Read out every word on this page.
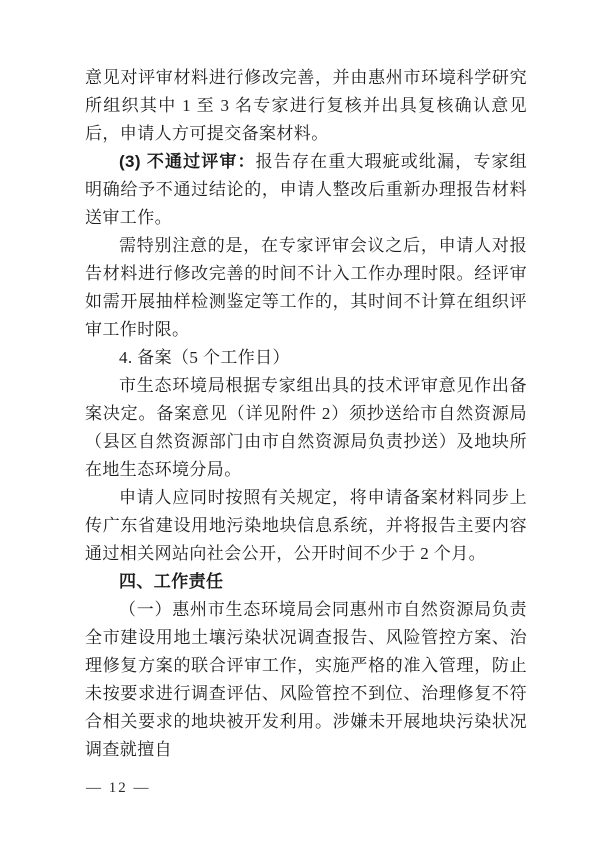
意见对评审材料进行修改完善，并由惠州市环境科学研究所组织其中 1 至 3 名专家进行复核并出具复核确认意见后，申请人方可提交备案材料。

(3) 不通过评审：报告存在重大瑕疵或纰漏，专家组明确给予不通过结论的，申请人整改后重新办理报告材料送审工作。

需特别注意的是，在专家评审会议之后，申请人对报告材料进行修改完善的时间不计入工作办理时限。经评审如需开展抽样检测鉴定等工作的，其时间不计算在组织评审工作时限。

4. 备案（5 个工作日）

市生态环境局根据专家组出具的技术评审意见作出备案决定。备案意见（详见附件 2）须抄送给市自然资源局（县区自然资源部门由市自然资源局负责抄送）及地块所在地生态环境分局。

申请人应同时按照有关规定，将申请备案材料同步上传广东省建设用地污染地块信息系统，并将报告主要内容通过相关网站向社会公开，公开时间不少于 2 个月。

四、工作责任

（一）惠州市生态环境局会同惠州市自然资源局负责全市建设用地土壤污染状况调查报告、风险管控方案、治理修复方案的联合评审工作，实施严格的准入管理，防止未按要求进行调查评估、风险管控不到位、治理修复不符合相关要求的地块被开发利用。涉嫌未开展地块污染状况调查就擅自

— 12 —
